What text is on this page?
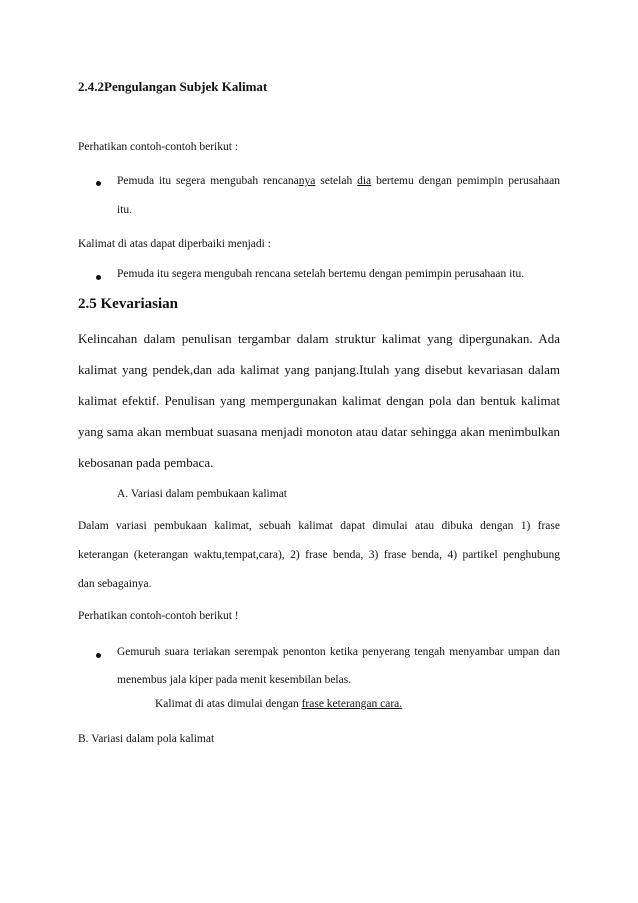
2.4.2Pengulangan Subjek Kalimat
Perhatikan contoh-contoh berikut :
Pemuda itu segera mengubah rencananya setelah dia bertemu dengan pemimpin perusahaan
itu.
Kalimat di atas dapat diperbaiki menjadi :
Pemuda itu segera mengubah rencana setelah bertemu dengan pemimpin perusahaan itu.
2.5 Kevariasian
Kelincahan dalam penulisan tergambar dalam struktur kalimat yang dipergunakan. Ada
kalimat yang pendek,dan ada kalimat yang panjang.Itulah yang disebut kevariasan dalam
kalimat efektif. Penulisan yang mempergunakan kalimat dengan pola dan bentuk kalimat
yang sama akan membuat suasana menjadi monoton atau datar sehingga akan menimbulkan
kebosanan pada pembaca.
A. Variasi dalam pembukaan kalimat
Dalam variasi pembukaan kalimat, sebuah kalimat dapat dimulai atau dibuka dengan 1) frase
keterangan (keterangan waktu,tempat,cara), 2) frase benda, 3) frase benda, 4) partikel penghubung
dan sebagainya.
Perhatikan contoh-contoh berikut !
Gemuruh suara teriakan serempak penonton ketika penyerang tengah menyambar umpan dan
menembus jala kiper pada menit kesembilan belas.
Kalimat di atas dimulai dengan frase keterangan cara.
B. Variasi dalam pola kalimat
